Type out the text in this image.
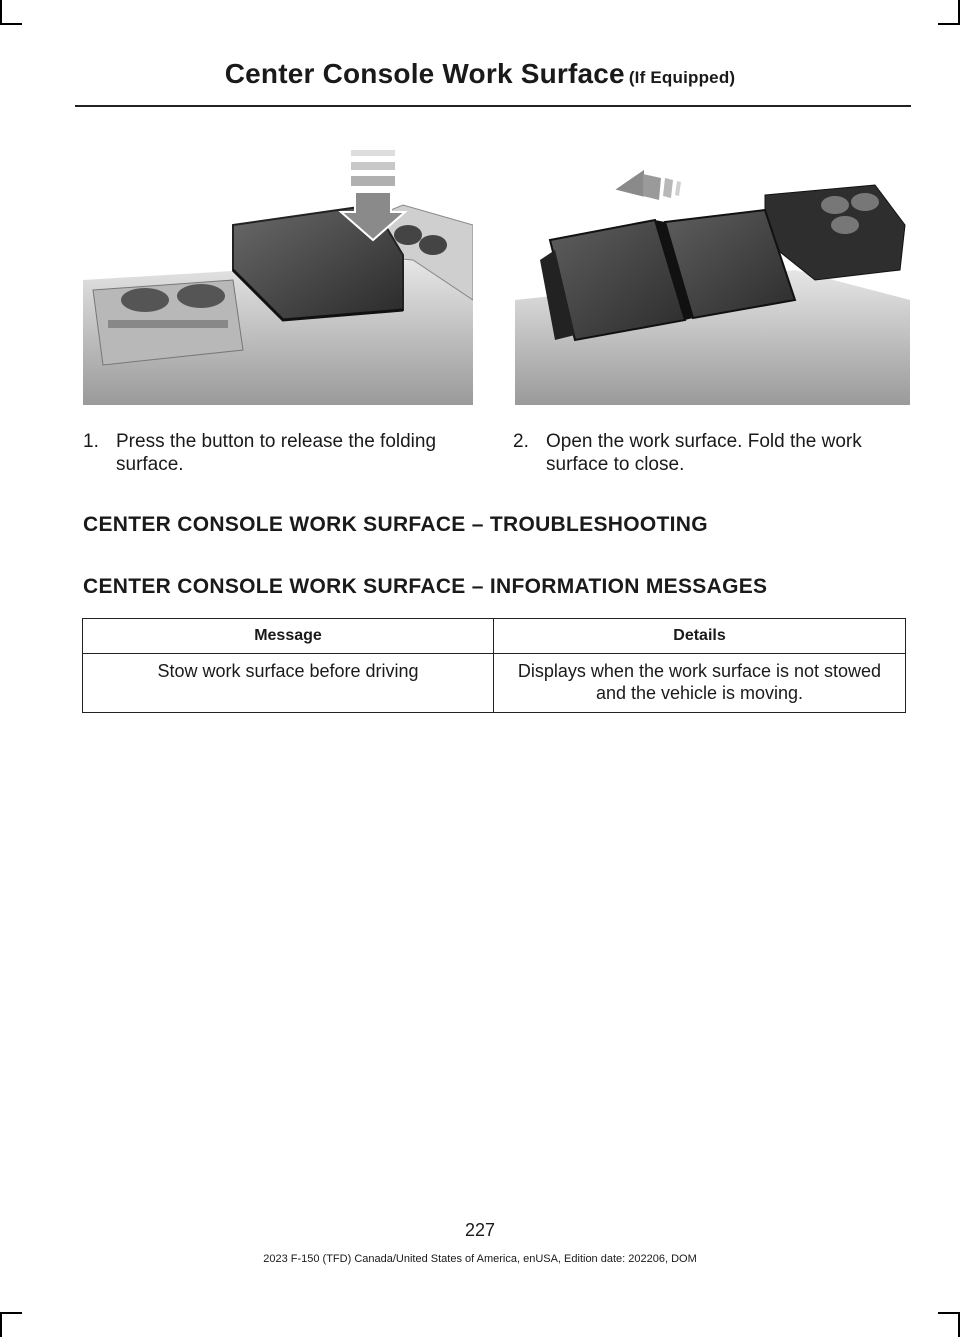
Center Console Work Surface (If Equipped)
1. Press the button to release the folding surface.
2. Open the work surface. Fold the work surface to close.
CENTER CONSOLE WORK SURFACE – TROUBLESHOOTING
CENTER CONSOLE WORK SURFACE – INFORMATION MESSAGES
Message	Details
Stow work surface before driving	Displays when the work surface is not stowed and the vehicle is moving.
227
2023 F-150 (TFD) Canada/United States of America, enUSA, Edition date: 202206, DOM
